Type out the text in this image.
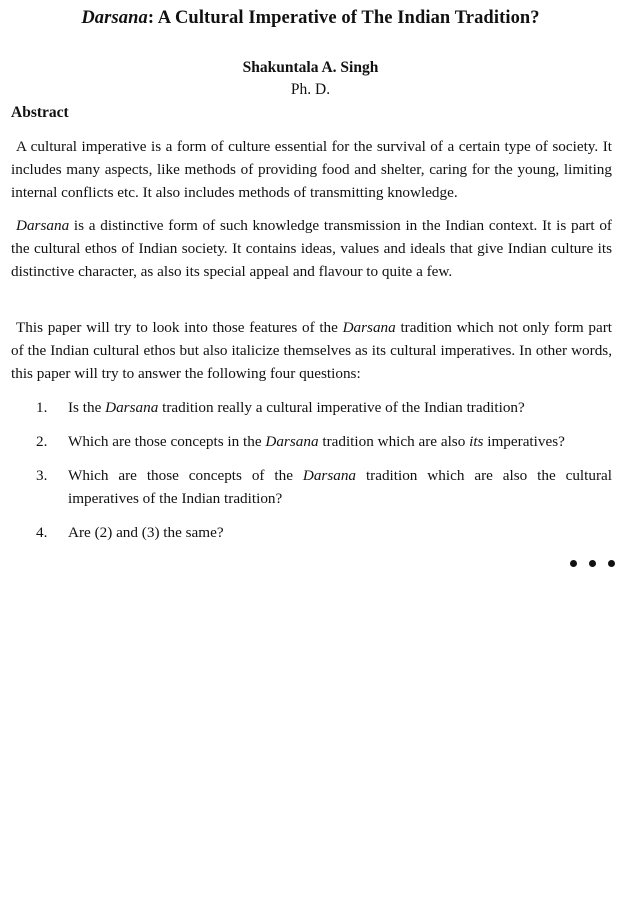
Darsana: A Cultural Imperative of The Indian Tradition?
Shakuntala A. Singh
Ph. D.
Abstract

A cultural imperative is a form of culture essential for the survival of a certain type of society. It includes many aspects, like methods of providing food and shelter, caring for the young, limiting internal conflicts etc. It also includes methods of transmitting knowledge.

Darsana is a distinctive form of such knowledge transmission in the Indian context. It is part of the cultural ethos of Indian society. It contains ideas, values and ideals that give Indian culture its distinctive character, as also its special appeal and flavour to quite a few.

This paper will try to look into those features of the Darsana tradition which not only form part of the Indian cultural ethos but also italicize themselves as its cultural imperatives. In other words, this paper will try to answer the following four questions:

1.	Is the Darsana tradition really a cultural imperative of the Indian tradition?
2.	Which are those concepts in the Darsana tradition which are also its imperatives?
3.	Which are those concepts of the Darsana tradition which are also the cultural imperatives of the Indian tradition?
4.	Are (2) and (3) the same?
